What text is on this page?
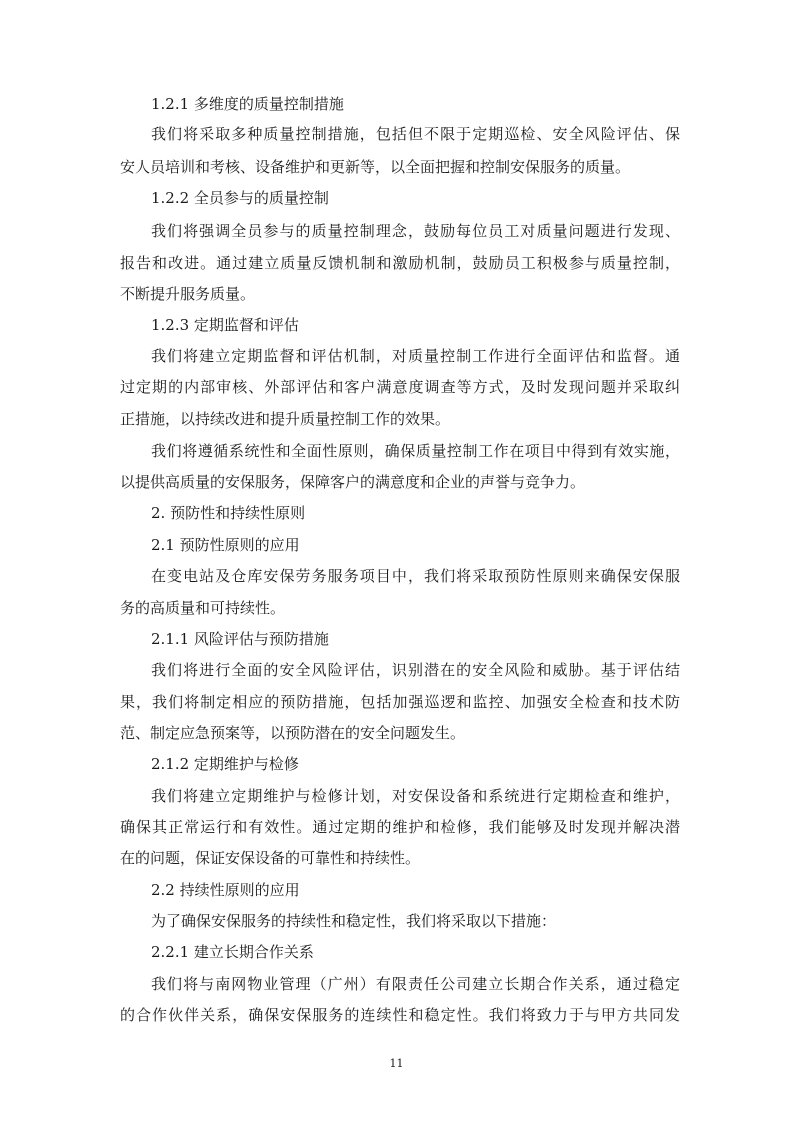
1.2.1 多维度的质量控制措施
我们将采取多种质量控制措施，包括但不限于定期巡检、安全风险评估、保
安人员培训和考核、设备维护和更新等，以全面把握和控制安保服务的质量。
1.2.2 全员参与的质量控制
我们将强调全员参与的质量控制理念，鼓励每位员工对质量问题进行发现、
报告和改进。通过建立质量反馈机制和激励机制，鼓励员工积极参与质量控制，
不断提升服务质量。
1.2.3 定期监督和评估
我们将建立定期监督和评估机制，对质量控制工作进行全面评估和监督。通
过定期的内部审核、外部评估和客户满意度调查等方式，及时发现问题并采取纠
正措施，以持续改进和提升质量控制工作的效果。
我们将遵循系统性和全面性原则，确保质量控制工作在项目中得到有效实施，
以提供高质量的安保服务，保障客户的满意度和企业的声誉与竞争力。
2. 预防性和持续性原则
2.1 预防性原则的应用
在变电站及仓库安保劳务服务项目中，我们将采取预防性原则来确保安保服
务的高质量和可持续性。
2.1.1 风险评估与预防措施
我们将进行全面的安全风险评估，识别潜在的安全风险和威胁。基于评估结
果，我们将制定相应的预防措施，包括加强巡逻和监控、加强安全检查和技术防
范、制定应急预案等，以预防潜在的安全问题发生。
2.1.2 定期维护与检修
我们将建立定期维护与检修计划，对安保设备和系统进行定期检查和维护，
确保其正常运行和有效性。通过定期的维护和检修，我们能够及时发现并解决潜
在的问题，保证安保设备的可靠性和持续性。
2.2 持续性原则的应用
为了确保安保服务的持续性和稳定性，我们将采取以下措施：
2.2.1 建立长期合作关系
我们将与南网物业管理（广州）有限责任公司建立长期合作关系，通过稳定
的合作伙伴关系，确保安保服务的连续性和稳定性。我们将致力于与甲方共同发
11
